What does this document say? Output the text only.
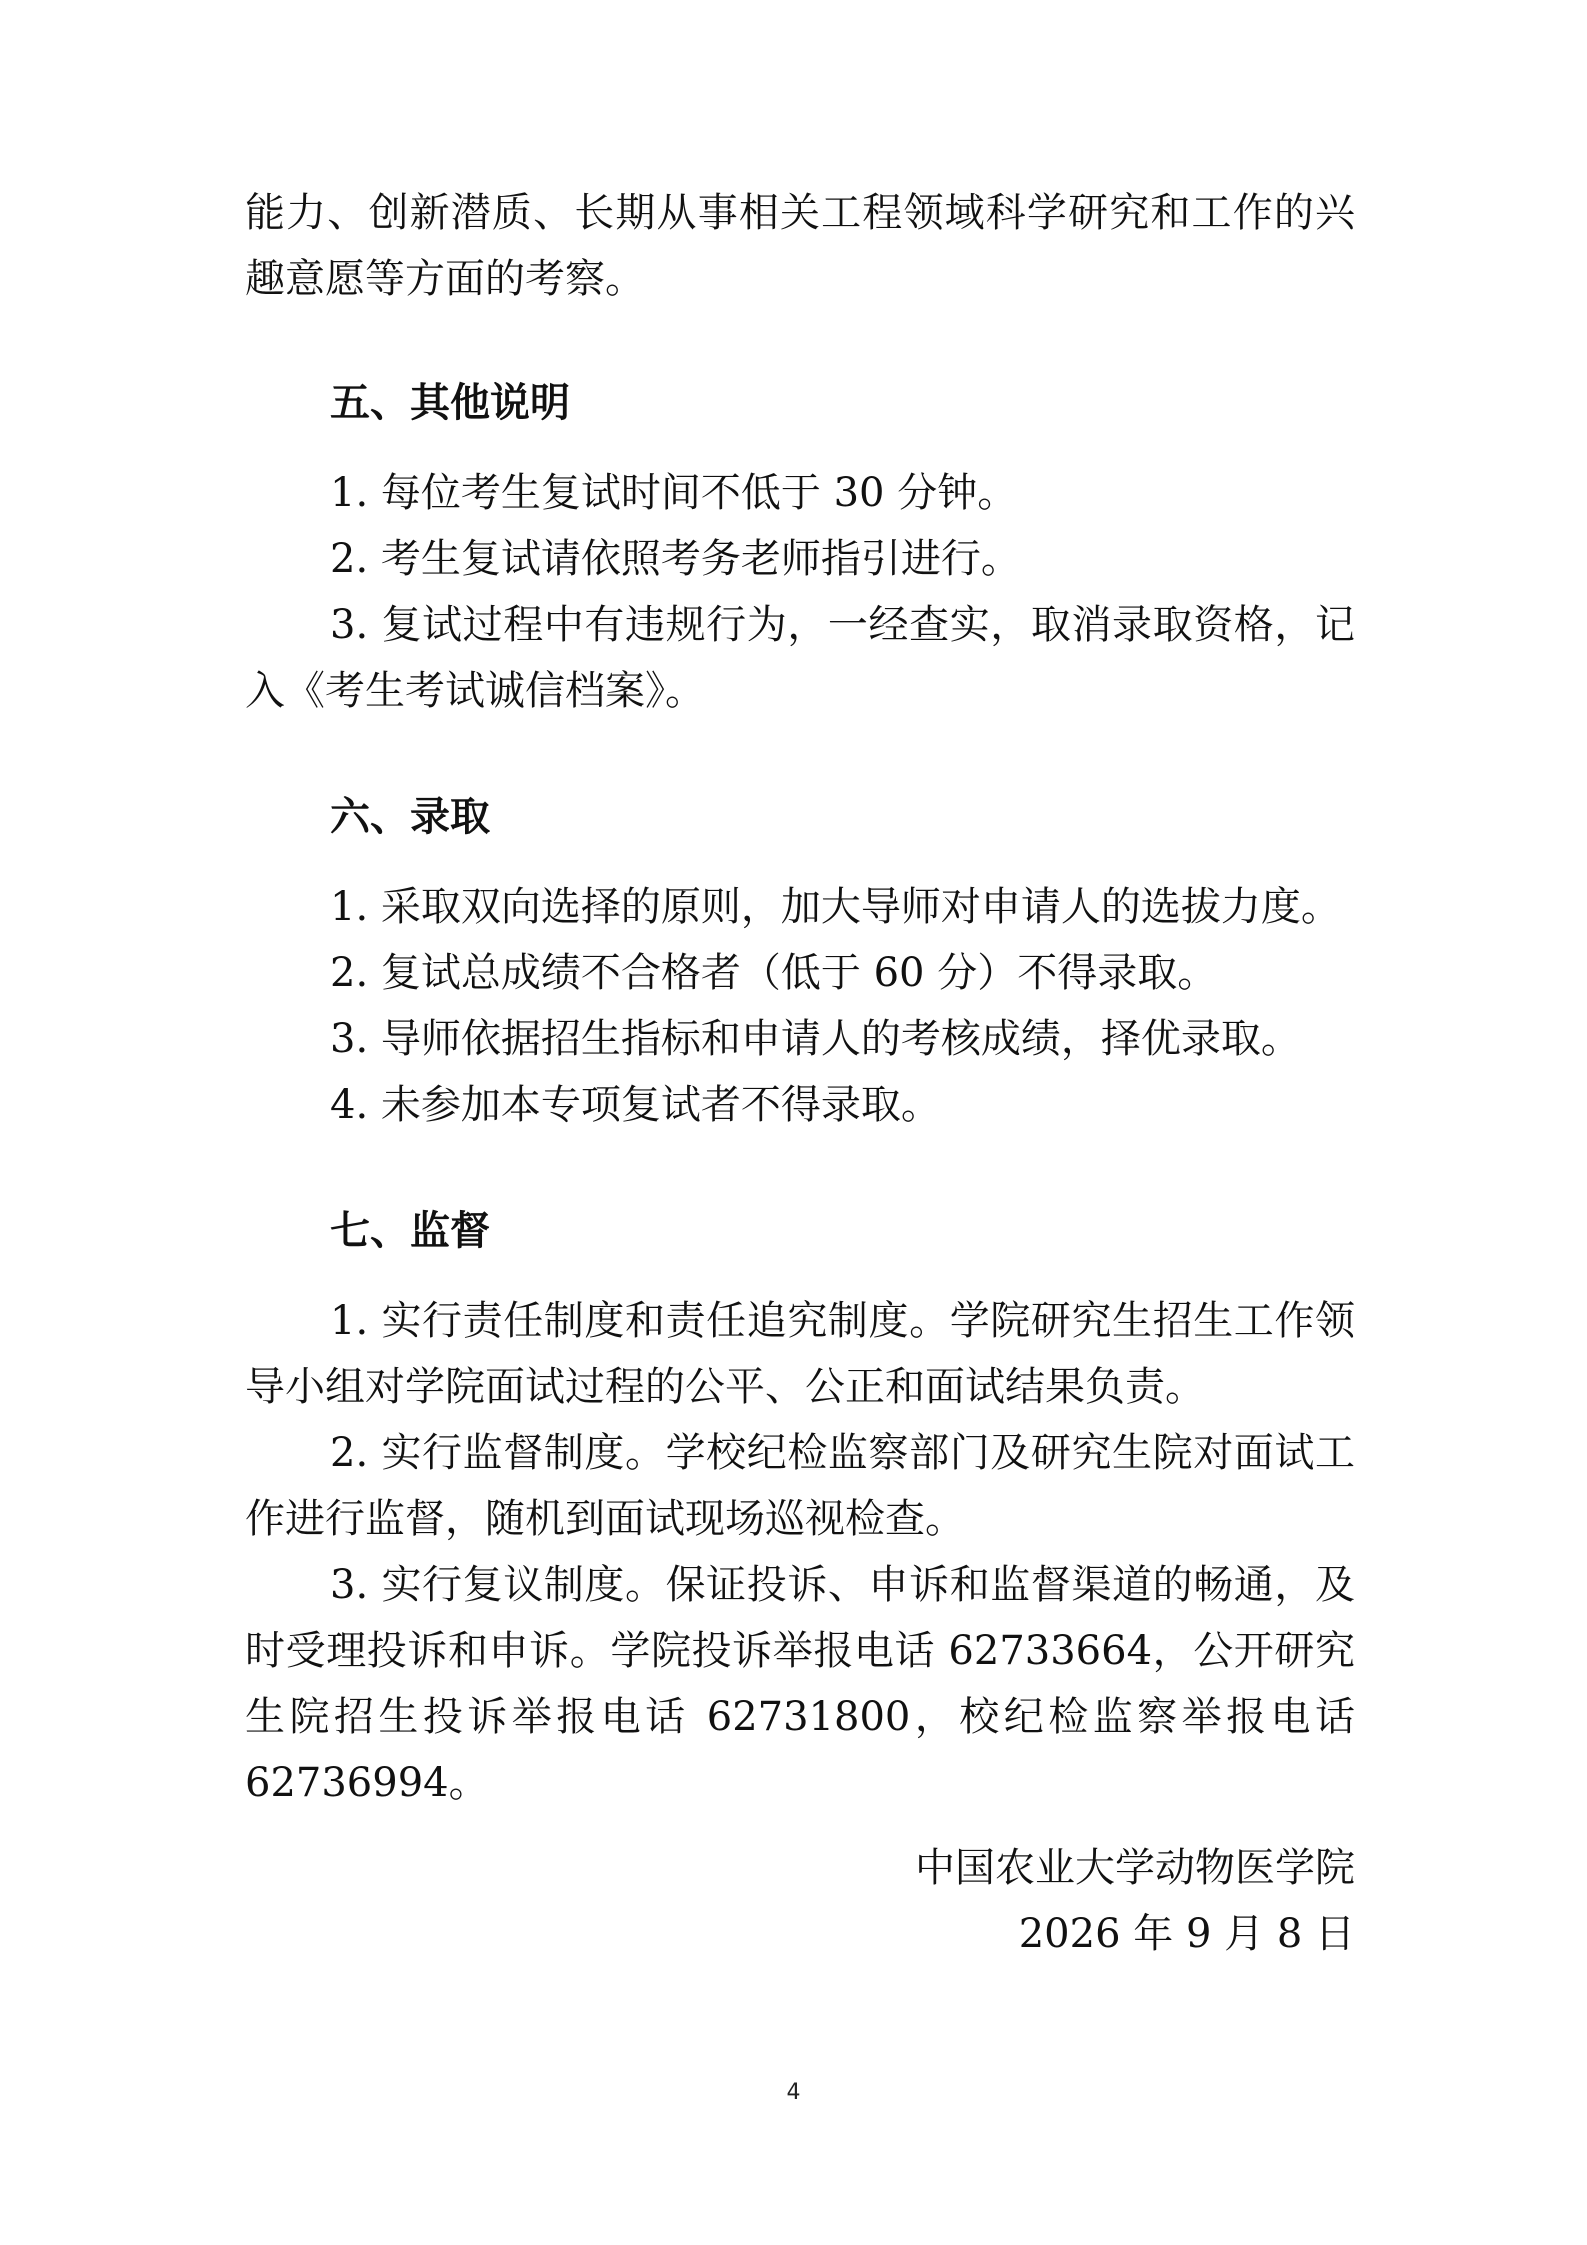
能力、创新潜质、长期从事相关工程领域科学研究和工作的兴趣意愿等方面的考察。

五、其他说明

1. 每位考生复试时间不低于 30 分钟。

2. 考生复试请依照考务老师指引进行。

3. 复试过程中有违规行为，一经查实，取消录取资格，记入《考生考试诚信档案》。

六、录取

1. 采取双向选择的原则，加大导师对申请人的选拔力度。

2. 复试总成绩不合格者（低于 60 分）不得录取。

3. 导师依据招生指标和申请人的考核成绩，择优录取。

4. 未参加本专项复试者不得录取。

七、监督

1. 实行责任制度和责任追究制度。学院研究生招生工作领导小组对学院面试过程的公平、公正和面试结果负责。

2. 实行监督制度。学校纪检监察部门及研究生院对面试工作进行监督，随机到面试现场巡视检查。

3. 实行复议制度。保证投诉、申诉和监督渠道的畅通，及时受理投诉和申诉。学院投诉举报电话 62733664，公开研究生院招生投诉举报电话 62731800，校纪检监察举报电话 62736994。

中国农业大学动物医学院
2026 年 9 月 8 日
4
